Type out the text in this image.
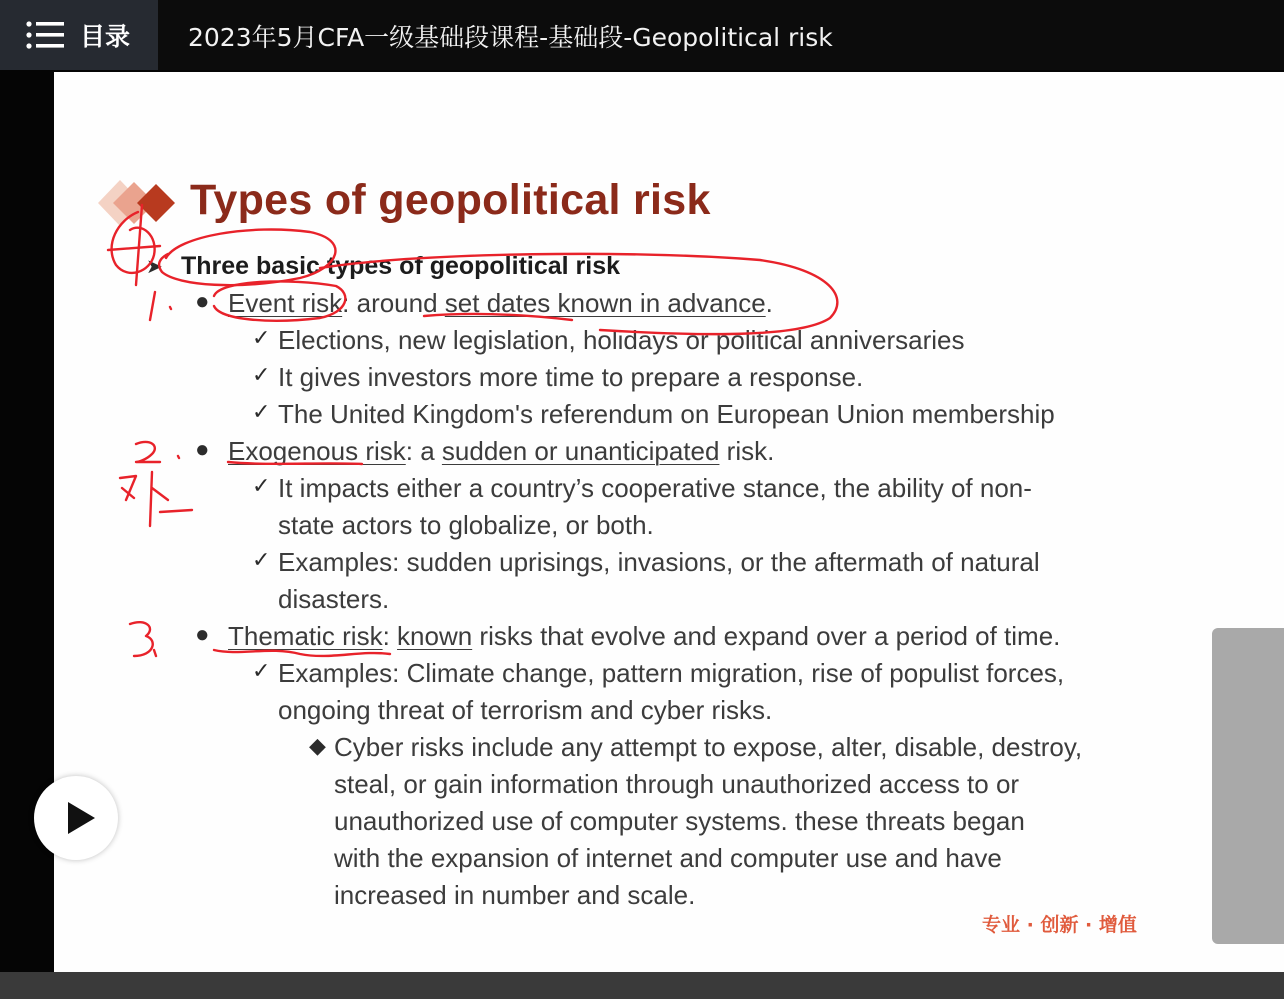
目录 2023年5月CFA一级基础段课程-基础段-Geopolitical risk
Types of geopolitical risk
➤ Three basic types of geopolitical risk
● Event risk: around set dates known in advance.
✓ Elections, new legislation, holidays or political anniversaries
✓ It gives investors more time to prepare a response.
✓ The United Kingdom's referendum on European Union membership
● Exogenous risk: a sudden or unanticipated risk.
✓ It impacts either a country’s cooperative stance, the ability of non-
state actors to globalize, or both.
✓ Examples: sudden uprisings, invasions, or the aftermath of natural
disasters.
● Thematic risk: known risks that evolve and expand over a period of time.
✓ Examples: Climate change, pattern migration, rise of populist forces,
ongoing threat of terrorism and cyber risks.
◆ Cyber risks include any attempt to expose, alter, disable, destroy,
steal, or gain information through unauthorized access to or
unauthorized use of computer systems. these threats began
with the expansion of internet and computer use and have
increased in number and scale.
专业 · 创新 · 增值
